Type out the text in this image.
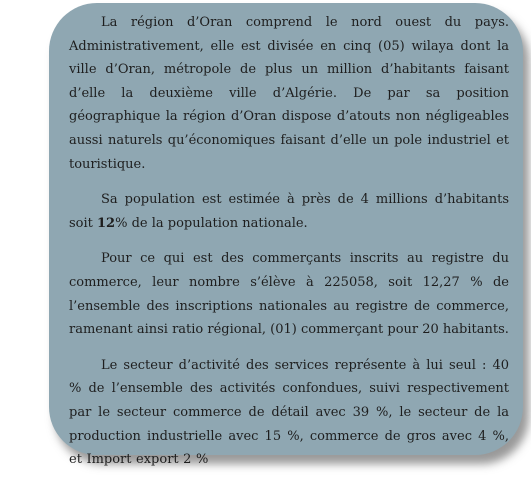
La région d’Oran comprend le nord ouest du pays. Administrativement, elle est divisée en cinq (05) wilaya dont la ville d’Oran, métropole de plus un million d’habitants faisant d’elle la deuxième ville d’Algérie. De par sa position géographique la région d’Oran dispose d’atouts non négligeables aussi naturels qu’économiques faisant d’elle un pole industriel et touristique.

Sa population est estimée à près de 4 millions d’habitants soit 12% de la population nationale.

Pour ce qui est des commerçants inscrits au registre du commerce, leur nombre s’élève à 225058, soit 12,27 % de l’ensemble des inscriptions nationales au registre de commerce, ramenant ainsi ratio régional, (01) commerçant pour 20 habitants.

Le secteur d’activité des services représente à lui seul : 40 % de l’ensemble des activités confondues, suivi respectivement par le secteur commerce de détail avec 39 %, le secteur de la production industrielle avec 15 %, commerce de gros avec 4 %, et Import export 2 %
